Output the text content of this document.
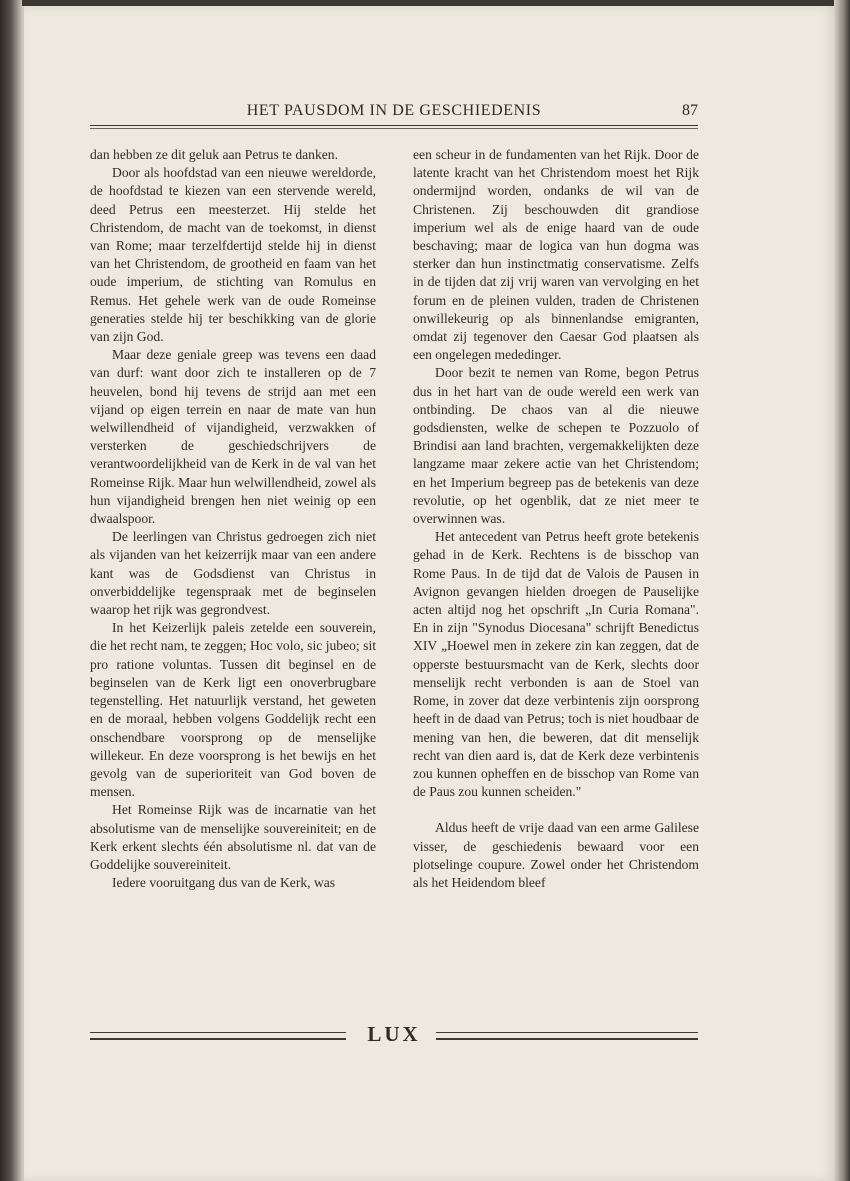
HET PAUSDOM IN DE GESCHIEDENIS	87

dan hebben ze dit geluk aan Petrus te danken.

Door als hoofdstad van een nieuwe wereldorde, de hoofdstad te kiezen van een stervende wereld, deed Petrus een meesterzet. Hij stelde het Christendom, de macht van de toekomst, in dienst van Rome; maar terzelfdertijd stelde hij in dienst van het Christendom, de grootheid en faam van het oude imperium, de stichting van Romulus en Remus. Het gehele werk van de oude Romeinse generaties stelde hij ter beschikking van de glorie van zijn God.

Maar deze geniale greep was tevens een daad van durf: want door zich te installeren op de 7 heuvelen, bond hij tevens de strijd aan met een vijand op eigen terrein en naar de mate van hun welwillendheid of vijandigheid, verzwakken of versterken de geschiedschrijvers de verantwoordelijkheid van de Kerk in de val van het Romeinse Rijk. Maar hun welwillendheid, zowel als hun vijandigheid brengen hen niet weinig op een dwaalspoor.

De leerlingen van Christus gedroegen zich niet als vijanden van het keizerrijk maar van een andere kant was de Godsdienst van Christus in onverbiddelijke tegenspraak met de beginselen waarop het rijk was gegrondvest.

In het Keizerlijk paleis zetelde een souverein, die het recht nam, te zeggen; Hoc volo, sic jubeo; sit pro ratione voluntas. Tussen dit beginsel en de beginselen van de Kerk ligt een onoverbrugbare tegenstelling. Het natuurlijk verstand, het geweten en de moraal, hebben volgens Goddelijk recht een onschendbare voorsprong op de menselijke willekeur. En deze voorsprong is het bewijs en het gevolg van de superioriteit van God boven de mensen.

Het Romeinse Rijk was de incarnatie van het absolutisme van de menselijke souvereiniteit; en de Kerk erkent slechts één absolutisme nl. dat van de Goddelijke souvereiniteit.

Iedere vooruitgang dus van de Kerk, was

een scheur in de fundamenten van het Rijk. Door de latente kracht van het Christendom moest het Rijk ondermijnd worden, ondanks de wil van de Christenen. Zij beschouwden dit grandiose imperium wel als de enige haard van de oude beschaving; maar de logica van hun dogma was sterker dan hun instinctmatig conservatisme. Zelfs in de tijden dat zij vrij waren van vervolging en het forum en de pleinen vulden, traden de Christenen onwillekeurig op als binnenlandse emigranten, omdat zij tegenover den Caesar God plaatsen als een ongelegen mededinger.

Door bezit te nemen van Rome, begon Petrus dus in het hart van de oude wereld een werk van ontbinding. De chaos van al die nieuwe godsdiensten, welke de schepen te Pozzuolo of Brindisi aan land brachten, vergemakkelijkten deze langzame maar zekere actie van het Christendom; en het Imperium begreep pas de betekenis van deze revolutie, op het ogenblik, dat ze niet meer te overwinnen was.

Het antecedent van Petrus heeft grote betekenis gehad in de Kerk. Rechtens is de bisschop van Rome Paus. In de tijd dat de Valois de Pausen in Avignon gevangen hielden droegen de Pauselijke acten altijd nog het opschrift „In Curia Romana". En in zijn "Synodus Diocesana" schrijft Benedictus XIV „Hoewel men in zekere zin kan zeggen, dat de opperste bestuursmacht van de Kerk, slechts door menselijk recht verbonden is aan de Stoel van Rome, in zover dat deze verbintenis zijn oorsprong heeft in de daad van Petrus; toch is niet houdbaar de mening van hen, die beweren, dat dit menselijk recht van dien aard is, dat de Kerk deze verbintenis zou kunnen opheffen en de bisschop van Rome van de Paus zou kunnen scheiden."

Aldus heeft de vrije daad van een arme Galilese visser, de geschiedenis bewaard voor een plotselinge coupure. Zowel onder het Christendom als het Heidendom bleef

LUX
